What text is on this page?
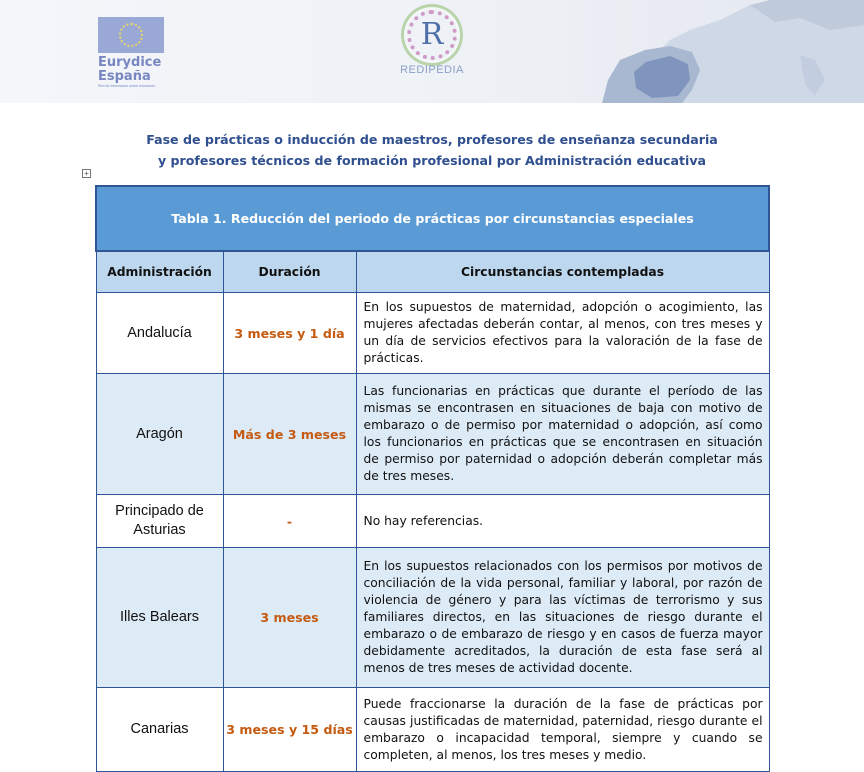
Eurydice
España
Red de información sobre educación
R
REDIPEDIA
Fase de prácticas o inducción de maestros, profesores de enseñanza secundaria
y profesores técnicos de formación profesional por Administración educativa
+
Tabla 1. Reducción del periodo de prácticas por circunstancias especiales		
Administración	Duración	Circunstancias contempladas
Andalucía	3 meses y 1 día	En los supuestos de maternidad, adopción o acogimiento, las mujeres afectadas deberán contar, al menos, con tres meses y un día de servicios efectivos para la valoración de la fase de prácticas.
Aragón	Más de 3 meses	Las funcionarias en prácticas que durante el período de las mismas se encontrasen en situaciones de baja con motivo de embarazo o de permiso por maternidad o adopción, así como los funcionarios en prácticas que se encontrasen en situación de permiso por paternidad o adopción deberán completar más de tres meses.
Principado de Asturias	-	No hay referencias.
Illes Balears	3 meses	En los supuestos relacionados con los permisos por motivos de conciliación de la vida personal, familiar y laboral, por razón de violencia de género y para las víctimas de terrorismo y sus familiares directos, en las situaciones de riesgo durante el embarazo o de embarazo de riesgo y en casos de fuerza mayor debidamente acreditados, la duración de esta fase será al menos de tres meses de actividad docente.
Canarias	3 meses y 15 días	Puede fraccionarse la duración de la fase de prácticas por causas justificadas de maternidad, paternidad, riesgo durante el embarazo o incapacidad temporal, siempre y cuando se completen, al menos, los tres meses y medio.
